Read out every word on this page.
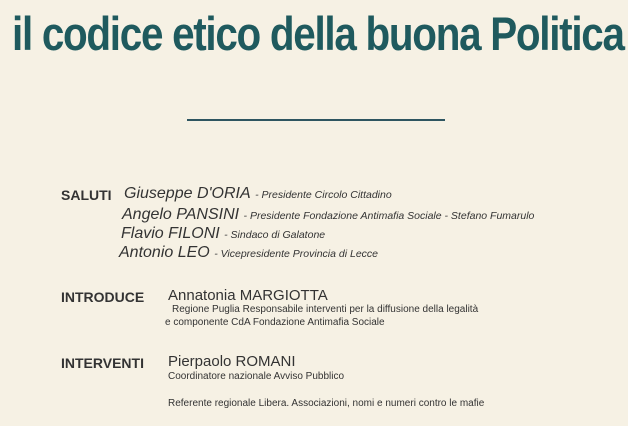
il codice etico della buona Politica
SALUTI Giuseppe D'ORIA - Presidente Circolo Cittadino
Angelo PANSINI - Presidente Fondazione Antimafia Sociale - Stefano Fumarulo
Flavio FILONI - Sindaco di Galatone
Antonio LEO - Vicepresidente Provincia di Lecce
INTRODUCE Annatonia MARGIOTTA
Regione Puglia Responsabile interventi per la diffusione della legalità
e componente CdA Fondazione Antimafia Sociale
INTERVENTI Pierpaolo ROMANI
Coordinatore nazionale Avviso Pubblico
Referente regionale Libera. Associazioni, nomi e numeri contro le mafie
